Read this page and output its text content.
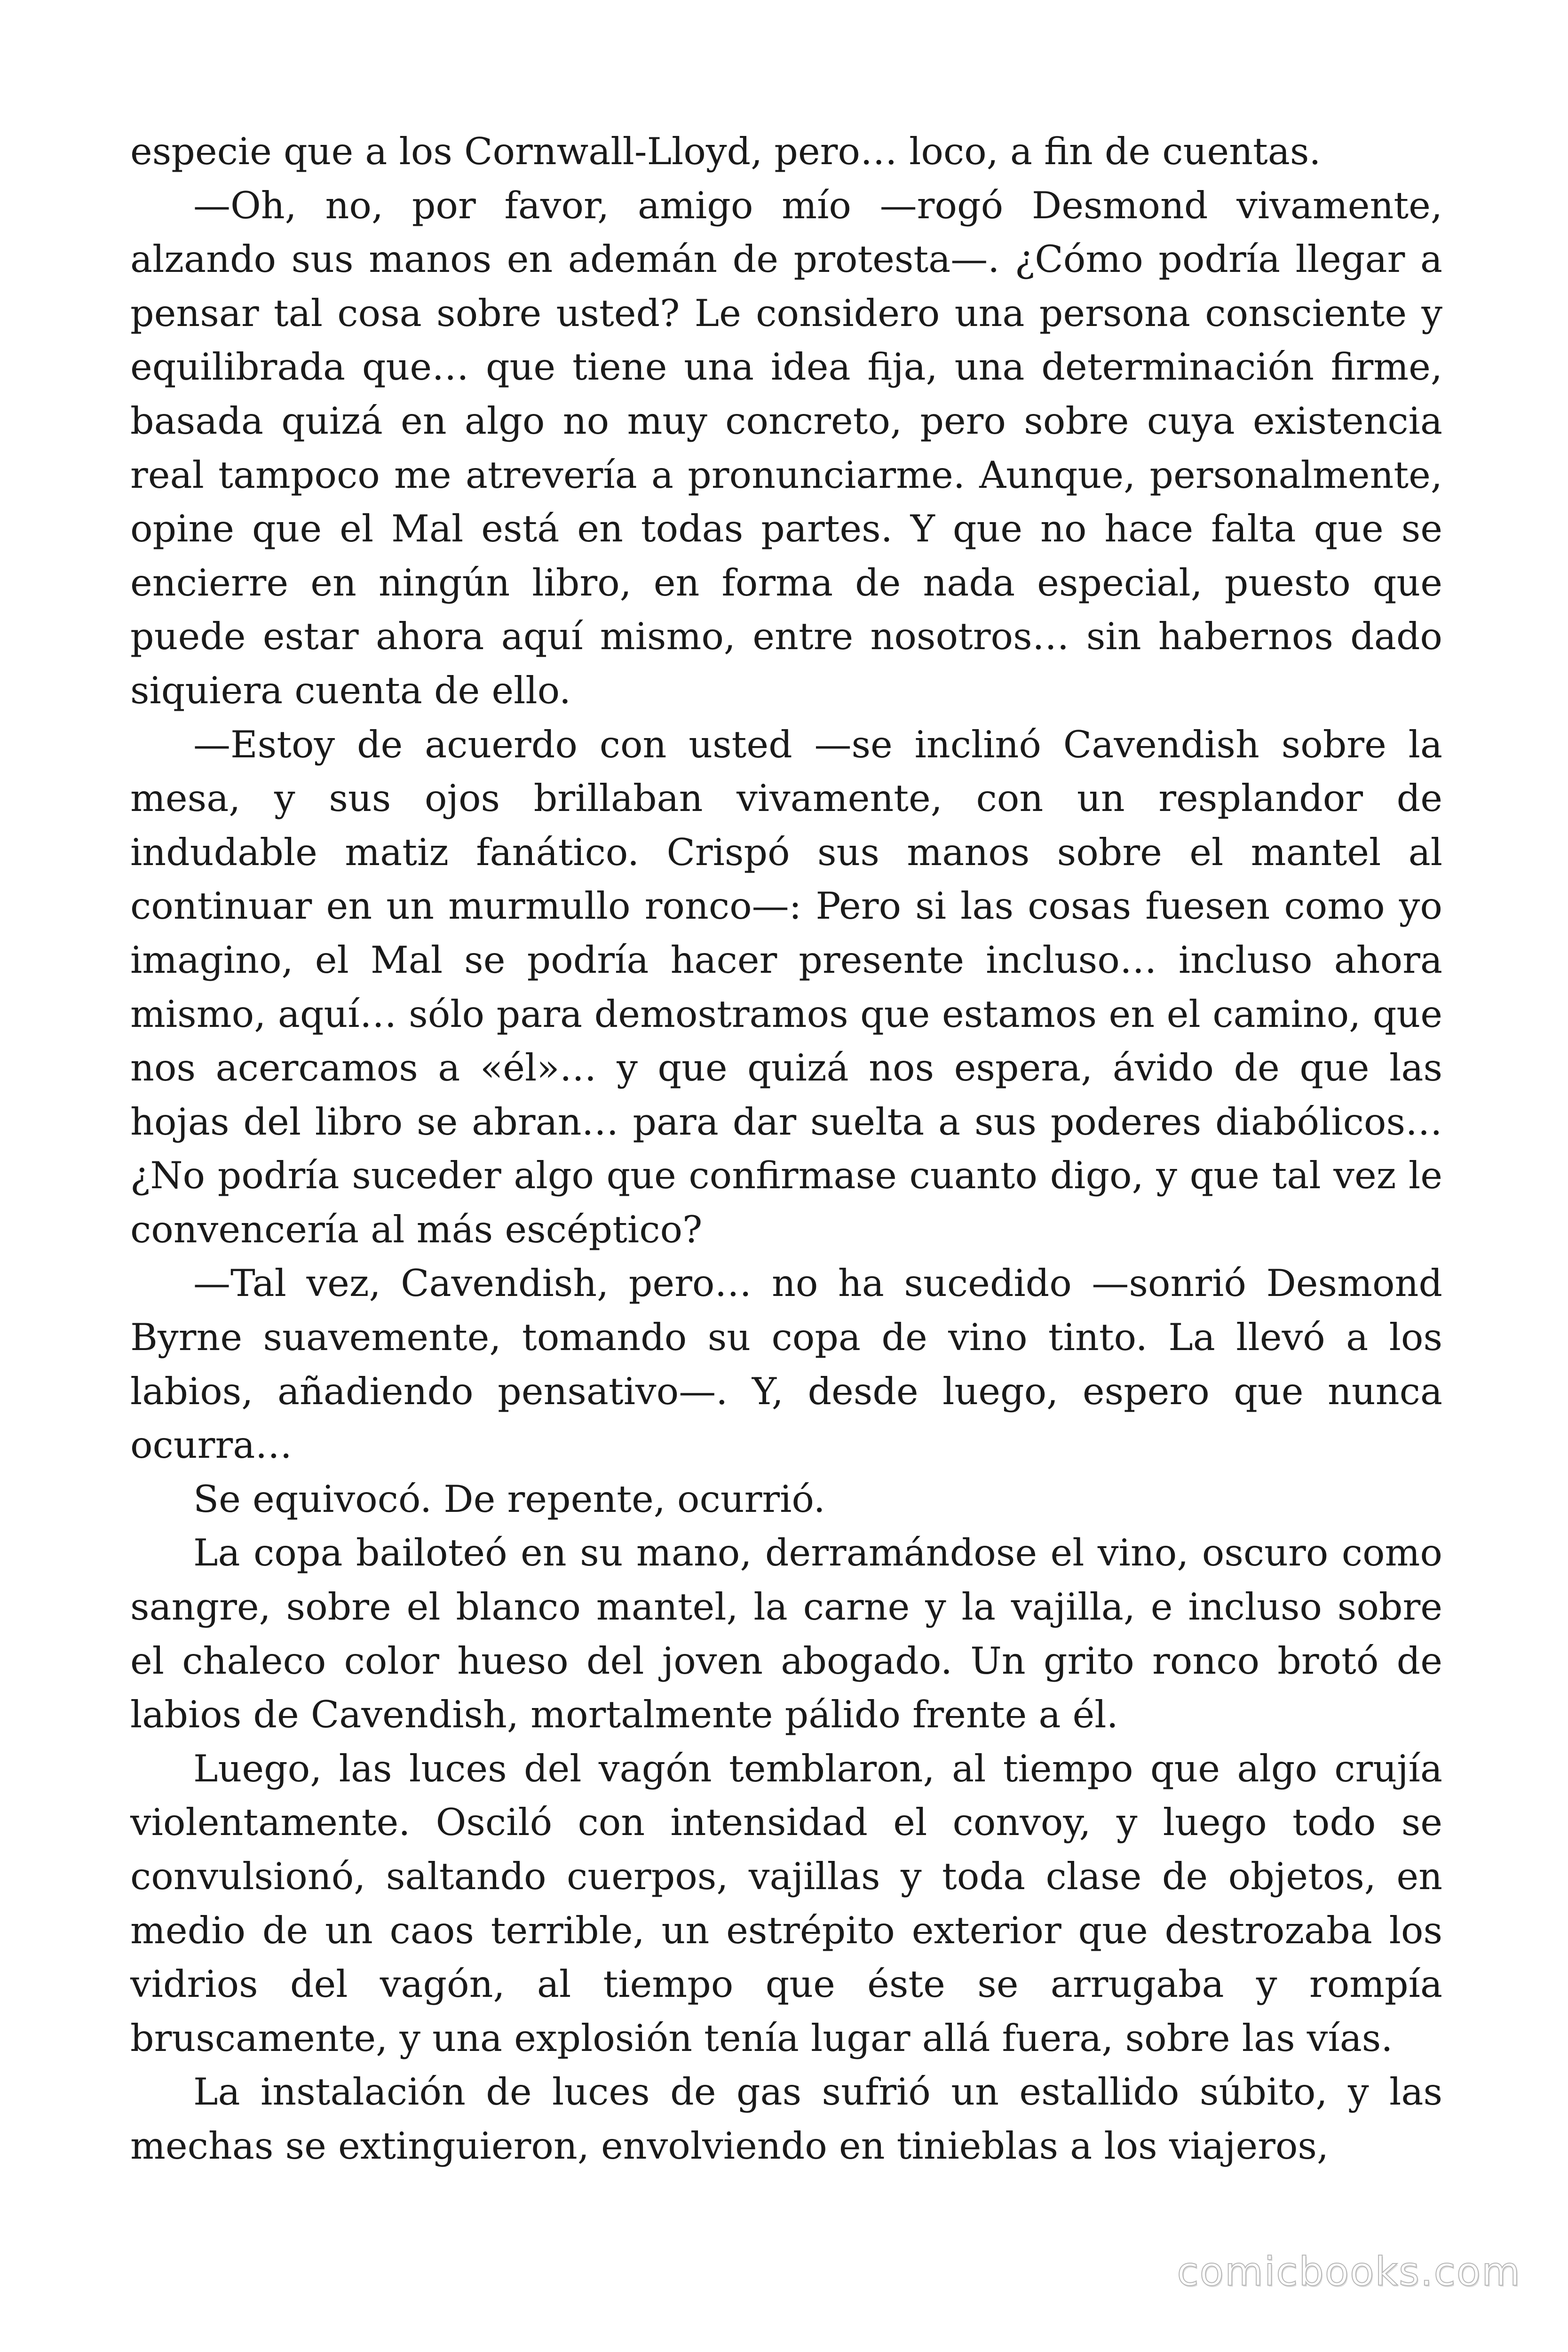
especie que a los Cornwall-Lloyd, pero… loco, a fin de cuentas.

—Oh, no, por favor, amigo mío —rogó Desmond vivamente, alzando sus manos en ademán de protesta—. ¿Cómo podría llegar a pensar tal cosa sobre usted? Le considero una persona consciente y equilibrada que… que tiene una idea fija, una determinación firme, basada quizá en algo no muy concreto, pero sobre cuya existencia real tampoco me atrevería a pronunciarme. Aunque, personalmente, opine que el Mal está en todas partes. Y que no hace falta que se encierre en ningún libro, en forma de nada especial, puesto que puede estar ahora aquí mismo, entre nosotros… sin habernos dado siquiera cuenta de ello.

—Estoy de acuerdo con usted —se inclinó Cavendish sobre la mesa, y sus ojos brillaban vivamente, con un resplandor de indudable matiz fanático. Crispó sus manos sobre el mantel al continuar en un murmullo ronco—: Pero si las cosas fuesen como yo imagino, el Mal se podría hacer presente incluso… incluso ahora mismo, aquí… sólo para demostramos que estamos en el camino, que nos acercamos a «él»… y que quizá nos espera, ávido de que las hojas del libro se abran… para dar suelta a sus poderes diabólicos… ¿No podría suceder algo que confirmase cuanto digo, y que tal vez le convencería al más escéptico?

—Tal vez, Cavendish, pero… no ha sucedido —sonrió Desmond Byrne suavemente, tomando su copa de vino tinto. La llevó a los labios, añadiendo pensativo—. Y, desde luego, espero que nunca ocurra…

Se equivocó. De repente, ocurrió.

La copa bailoteó en su mano, derramándose el vino, oscuro como sangre, sobre el blanco mantel, la carne y la vajilla, e incluso sobre el chaleco color hueso del joven abogado. Un grito ronco brotó de labios de Cavendish, mortalmente pálido frente a él.

Luego, las luces del vagón temblaron, al tiempo que algo crujía violentamente. Osciló con intensidad el convoy, y luego todo se convulsionó, saltando cuerpos, vajillas y toda clase de objetos, en medio de un caos terrible, un estrépito exterior que destrozaba los vidrios del vagón, al tiempo que éste se arrugaba y rompía bruscamente, y una explosión tenía lugar allá fuera, sobre las vías.

La instalación de luces de gas sufrió un estallido súbito, y las mechas se extinguieron, envolviendo en tinieblas a los viajeros,

comicbooks.com
